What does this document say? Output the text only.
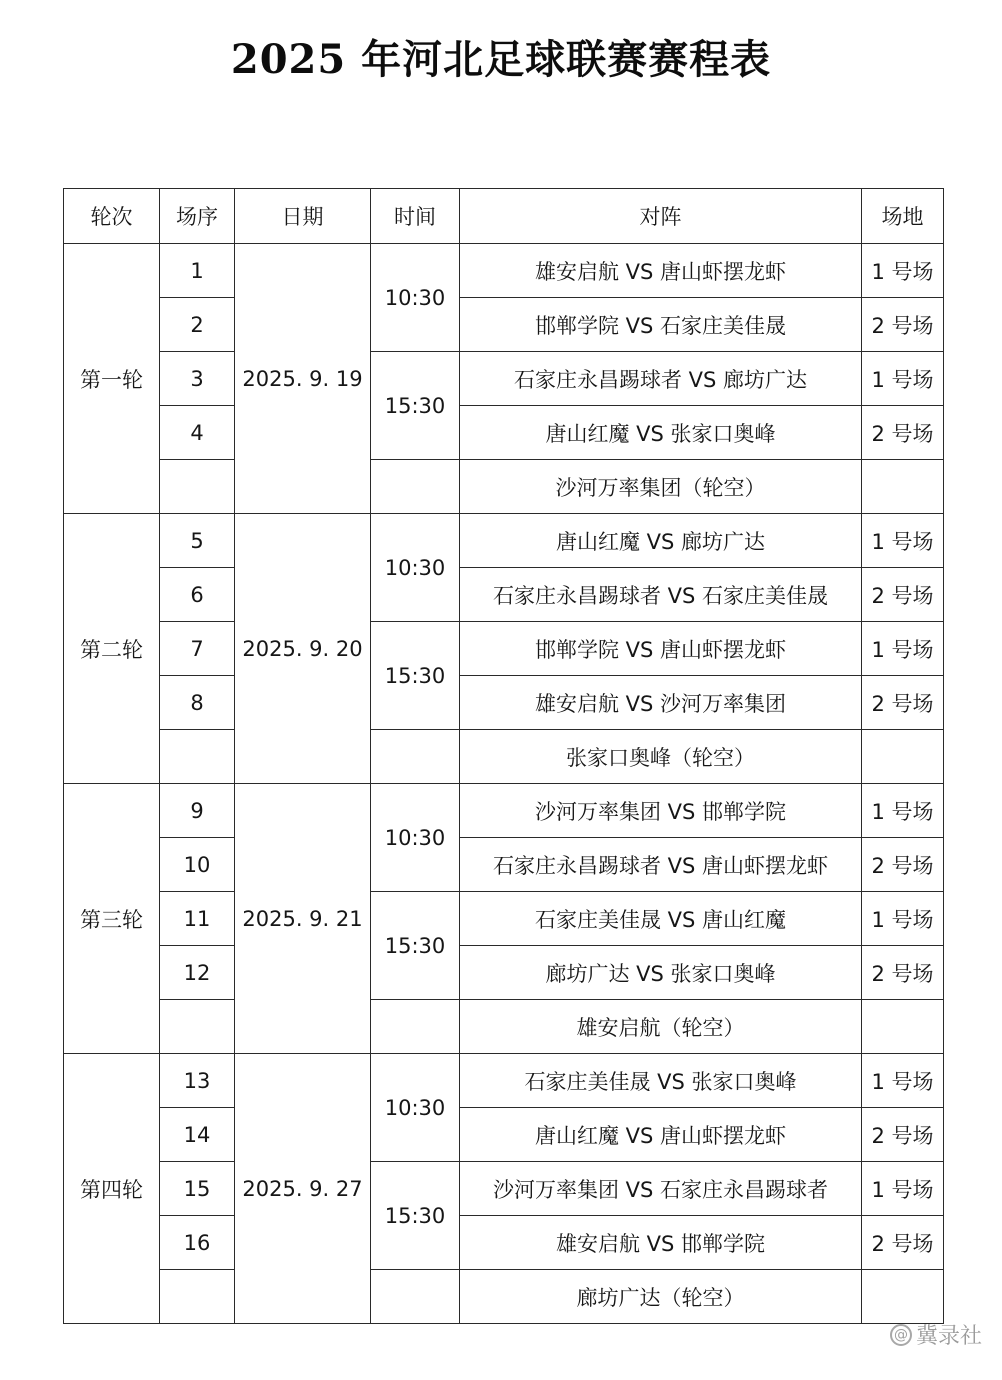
2025 年河北足球联赛赛程表
轮次	场序	日期	时间	对阵	场地
第一轮	1	2025. 9. 19	10:30	雄安启航 VS 唐山虾摆龙虾	1 号场
	2			邯郸学院 VS 石家庄美佳晟	2 号场
	3		15:30	石家庄永昌踢球者 VS 廊坊广达	1 号场
	4			唐山红魔 VS 张家口奥峰	2 号场
				沙河万率集团（轮空）	
第二轮	5	2025. 9. 20	10:30	唐山红魔 VS 廊坊广达	1 号场
	6			石家庄永昌踢球者 VS 石家庄美佳晟	2 号场
	7		15:30	邯郸学院 VS 唐山虾摆龙虾	1 号场
	8			雄安启航 VS 沙河万率集团	2 号场
				张家口奥峰（轮空）	
第三轮	9	2025. 9. 21	10:30	沙河万率集团 VS 邯郸学院	1 号场
	10			石家庄永昌踢球者 VS 唐山虾摆龙虾	2 号场
	11		15:30	石家庄美佳晟 VS 唐山红魔	1 号场
	12			廊坊广达 VS 张家口奥峰	2 号场
				雄安启航（轮空）	
第四轮	13	2025. 9. 27	10:30	石家庄美佳晟 VS 张家口奥峰	1 号场
	14			唐山红魔 VS 唐山虾摆龙虾	2 号场
	15		15:30	沙河万率集团 VS 石家庄永昌踢球者	1 号场
	16			雄安启航 VS 邯郸学院	2 号场
				廊坊广达（轮空）	
@ 冀录社
